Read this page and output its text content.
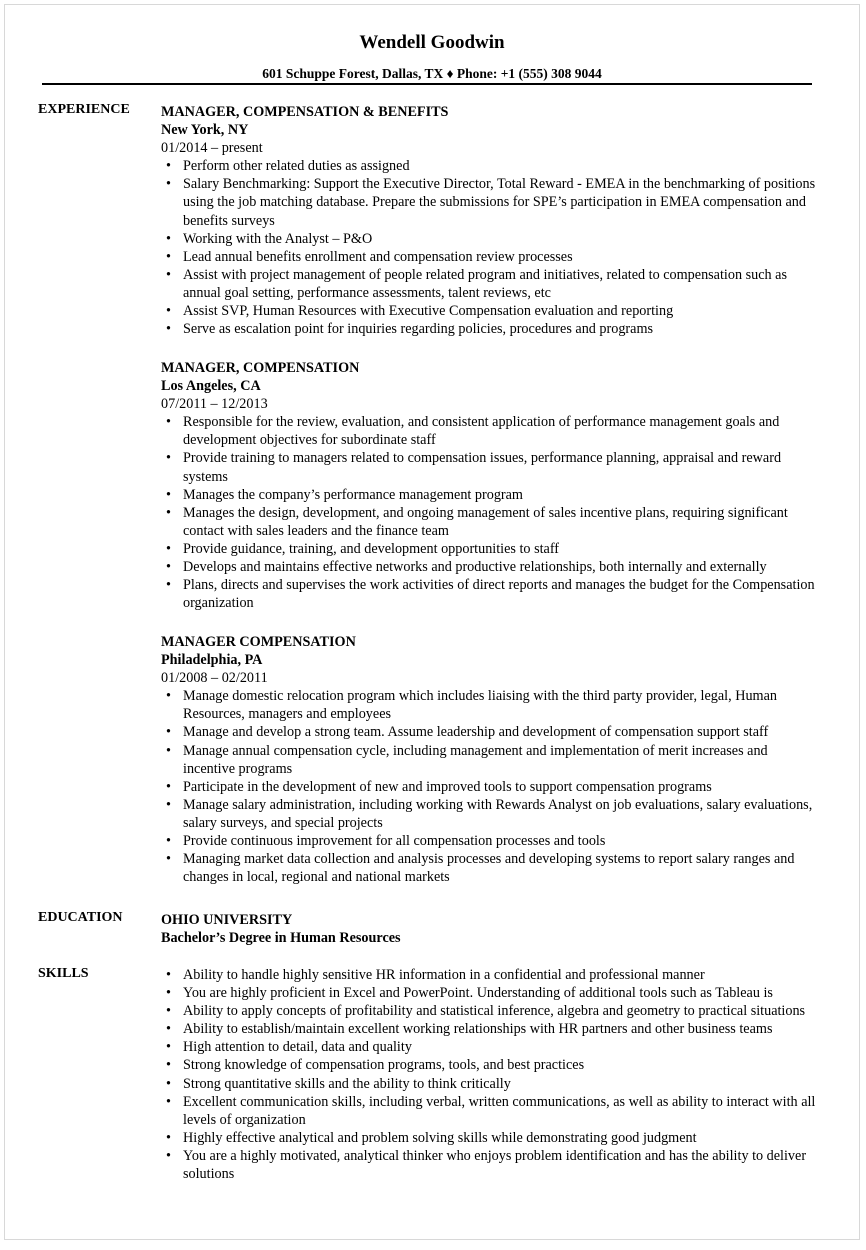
Wendell Goodwin
601 Schuppe Forest, Dallas, TX ♦ Phone: +1 (555) 308 9044
EXPERIENCE MANAGER, COMPENSATION & BENEFITS
New York, NY
01/2014 – present
• Perform other related duties as assigned
• Salary Benchmarking: Support the Executive Director, Total Reward - EMEA in the benchmarking of positions using the job matching database. Prepare the submissions for SPE’s participation in EMEA compensation and benefits surveys
• Working with the Analyst – P&O
• Lead annual benefits enrollment and compensation review processes
• Assist with project management of people related program and initiatives, related to compensation such as annual goal setting, performance assessments, talent reviews, etc
• Assist SVP, Human Resources with Executive Compensation evaluation and reporting
• Serve as escalation point for inquiries regarding policies, procedures and programs
MANAGER, COMPENSATION
Los Angeles, CA
07/2011 – 12/2013
• Responsible for the review, evaluation, and consistent application of performance management goals and development objectives for subordinate staff
• Provide training to managers related to compensation issues, performance planning, appraisal and reward systems
• Manages the company’s performance management program
• Manages the design, development, and ongoing management of sales incentive plans, requiring significant contact with sales leaders and the finance team
• Provide guidance, training, and development opportunities to staff
• Develops and maintains effective networks and productive relationships, both internally and externally
• Plans, directs and supervises the work activities of direct reports and manages the budget for the Compensation organization
MANAGER COMPENSATION
Philadelphia, PA
01/2008 – 02/2011
• Manage domestic relocation program which includes liaising with the third party provider, legal, Human Resources, managers and employees
• Manage and develop a strong team. Assume leadership and development of compensation support staff
• Manage annual compensation cycle, including management and implementation of merit increases and incentive programs
• Participate in the development of new and improved tools to support compensation programs
• Manage salary administration, including working with Rewards Analyst on job evaluations, salary evaluations, salary surveys, and special projects
• Provide continuous improvement for all compensation processes and tools
• Managing market data collection and analysis processes and developing systems to report salary ranges and changes in local, regional and national markets
EDUCATION	OHIO UNIVERSITY
Bachelor’s Degree in Human Resources
SKILLS
•	Ability to handle highly sensitive HR information in a confidential and professional manner
• You are highly proficient in Excel and PowerPoint. Understanding of additional tools such as Tableau is
• Ability to apply concepts of profitability and statistical inference, algebra and geometry to practical situations
• Ability to establish/maintain excellent working relationships with HR partners and other business teams
• High attention to detail, data and quality
• Strong knowledge of compensation programs, tools, and best practices
• Strong quantitative skills and the ability to think critically
• Excellent communication skills, including verbal, written communications, as well as ability to interact with all levels of organization
• Highly effective analytical and problem solving skills while demonstrating good judgment
• You are a highly motivated, analytical thinker who enjoys problem identification and has the ability to deliver solutions
